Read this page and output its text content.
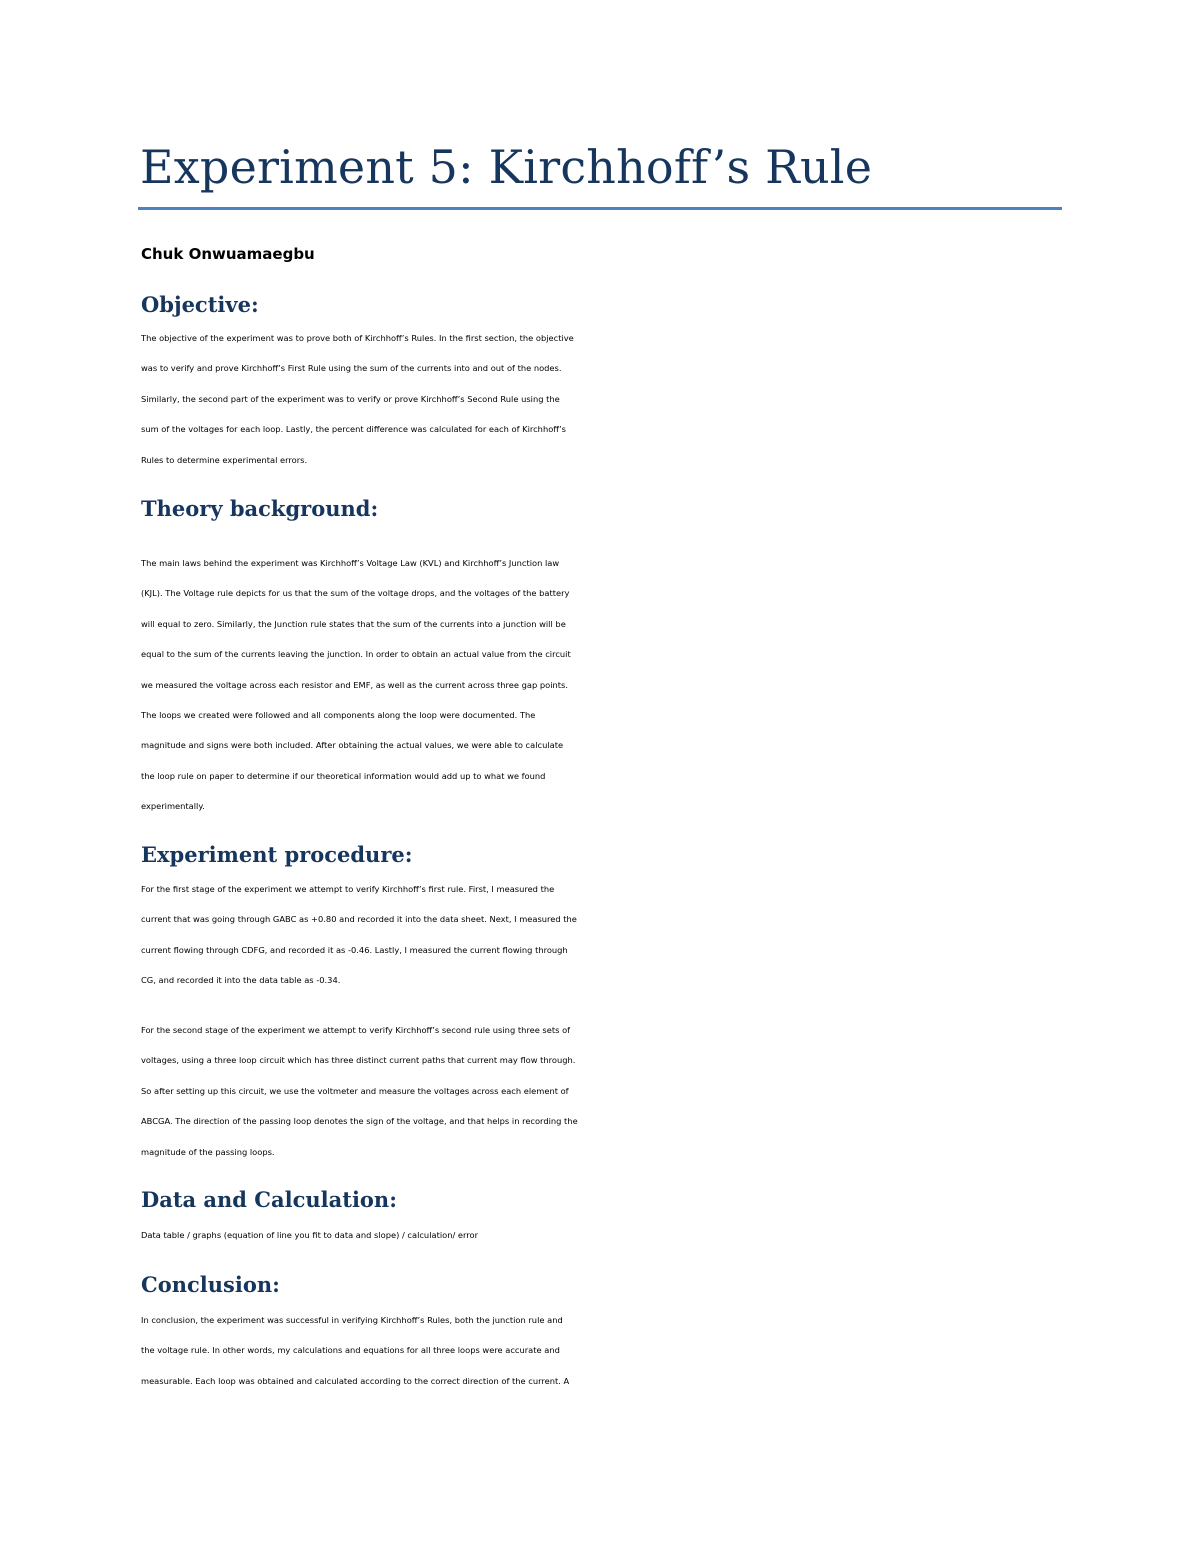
Experiment 5: Kirchhoff’s Rule
Chuk Onwuamaegbu
Objective:
The objective of the experiment was to prove both of Kirchhoff’s Rules. In the first section, the objective
was to verify and prove Kirchhoff’s First Rule using the sum of the currents into and out of the nodes.
Similarly, the second part of the experiment was to verify or prove Kirchhoff’s Second Rule using the
sum of the voltages for each loop. Lastly, the percent difference was calculated for each of Kirchhoff’s
Rules to determine experimental errors.
Theory background:
The main laws behind the experiment was Kirchhoff’s Voltage Law (KVL) and Kirchhoff’s Junction law
(KJL). The Voltage rule depicts for us that the sum of the voltage drops, and the voltages of the battery
will equal to zero. Similarly, the Junction rule states that the sum of the currents into a junction will be
equal to the sum of the currents leaving the junction. In order to obtain an actual value from the circuit
we measured the voltage across each resistor and EMF, as well as the current across three gap points.
The loops we created were followed and all components along the loop were documented. The
magnitude and signs were both included. After obtaining the actual values, we were able to calculate
the loop rule on paper to determine if our theoretical information would add up to what we found
experimentally.
Experiment procedure:
For the first stage of the experiment we attempt to verify Kirchhoff’s first rule. First, I measured the
current that was going through GABC as +0.80 and recorded it into the data sheet. Next, I measured the
current flowing through CDFG, and recorded it as -0.46. Lastly, I measured the current flowing through
CG, and recorded it into the data table as -0.34.
For the second stage of the experiment we attempt to verify Kirchhoff’s second rule using three sets of
voltages, using a three loop circuit which has three distinct current paths that current may flow through.
So after setting up this circuit, we use the voltmeter and measure the voltages across each element of
ABCGA. The direction of the passing loop denotes the sign of the voltage, and that helps in recording the
magnitude of the passing loops.
Data and Calculation:
Data table / graphs (equation of line you fit to data and slope) / calculation/ error
Conclusion:
In conclusion, the experiment was successful in verifying Kirchhoff’s Rules, both the junction rule and
the voltage rule. In other words, my calculations and equations for all three loops were accurate and
measurable. Each loop was obtained and calculated according to the correct direction of the current. A
